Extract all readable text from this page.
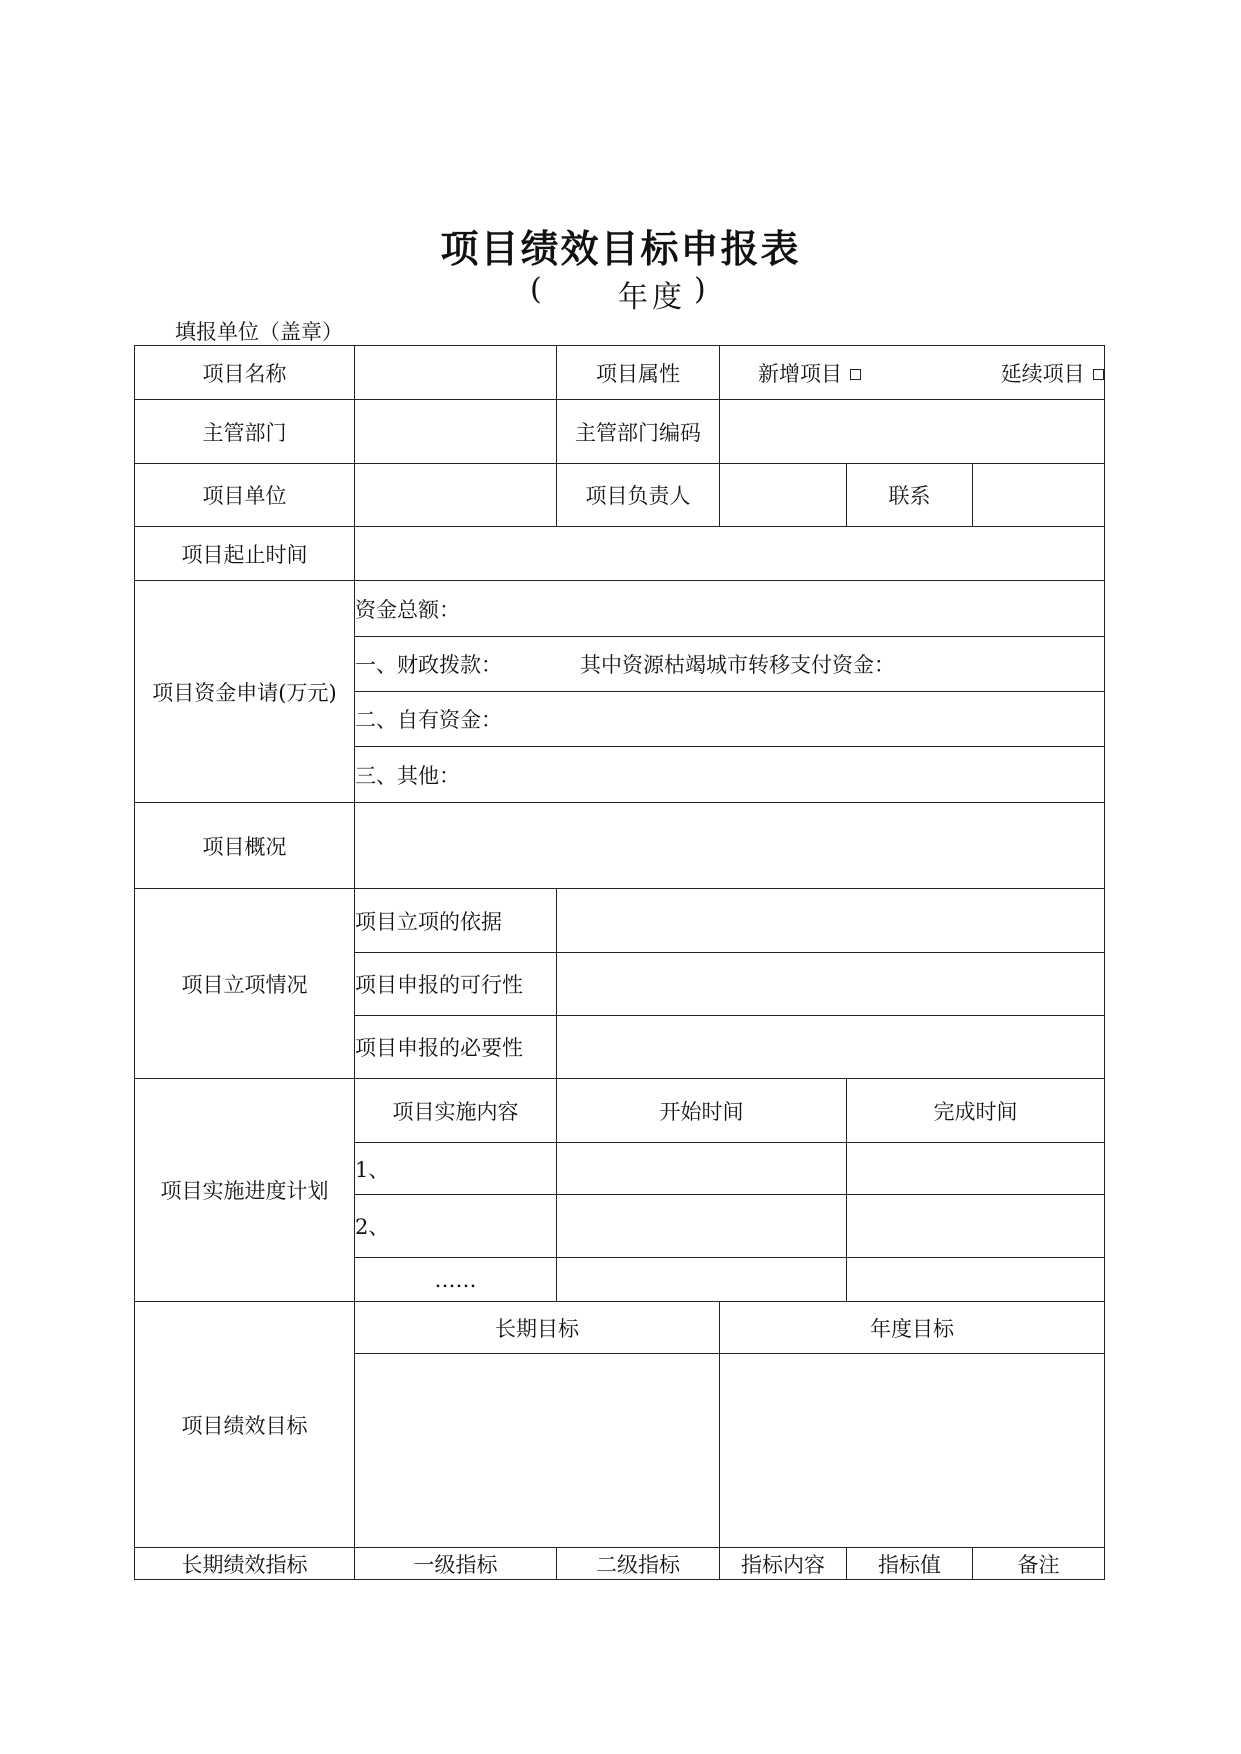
项目绩效目标申报表
(	年度 )
填报单位（盖章）
项目名称		项目属性	新增项目 延续项目		
主管部门		主管部门编码			
项目单位		项目负责人		联系	
项目起止时间					
项目资金申请(万元)	资金总额：				
	一、财政拨款： 其中资源枯竭城市转移支付资金：				
	二、自有资金：				
	三、其他：				
项目概况					
项目立项情况	项目立项的依据				
	项目申报的可行性				
	项目申报的必要性				
项目实施进度计划	项目实施内容	开始时间		完成时间	
	1、				
	2、				
	……				
项目绩效目标	长期目标		年度目标		

长期绩效指标	一级指标	二级指标	指标内容	指标值	备注
